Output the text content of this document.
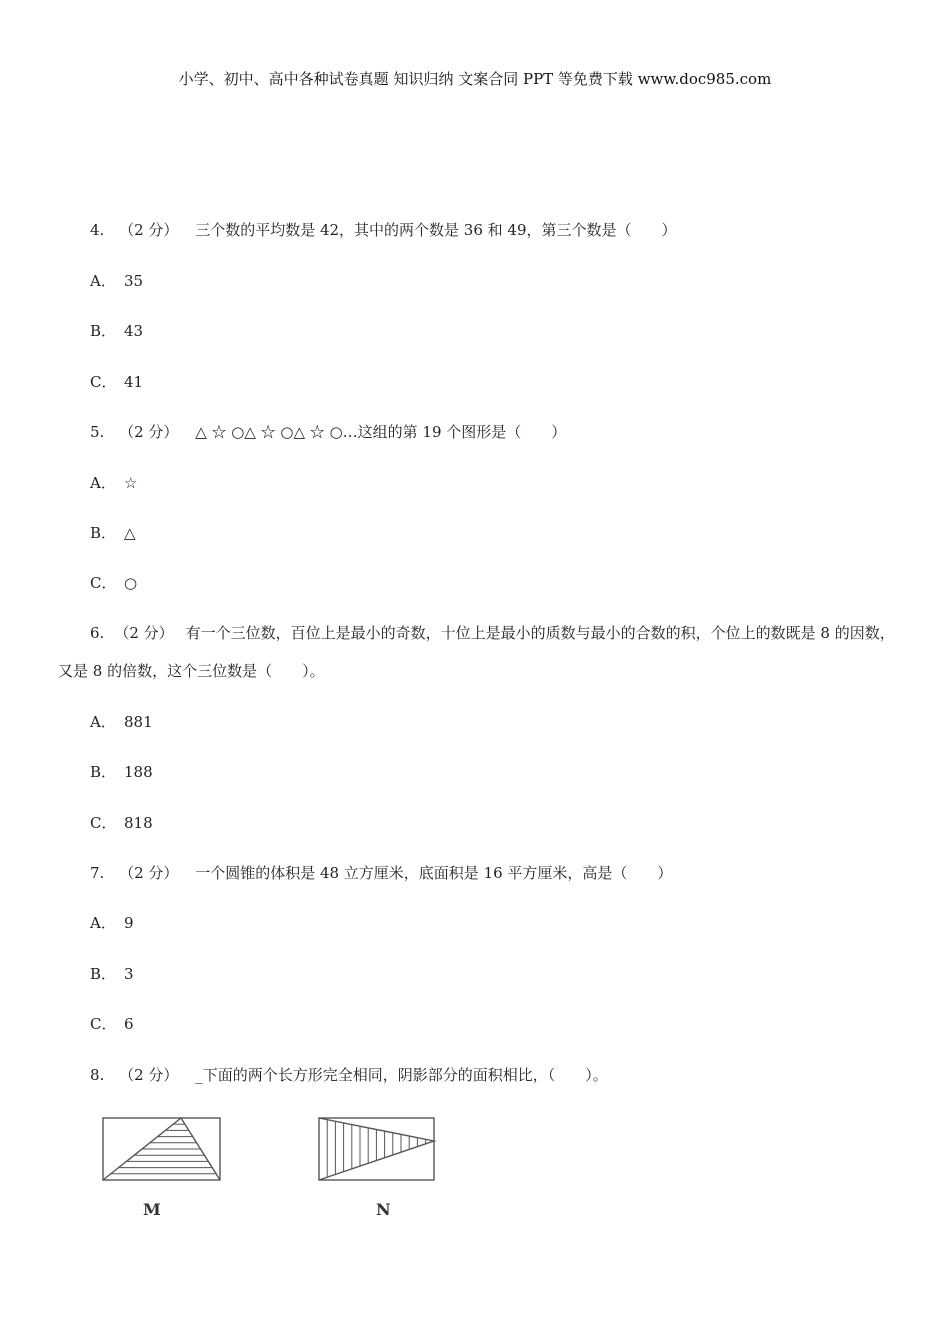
小学、初中、高中各种试卷真题 知识归纳 文案合同 PPT 等免费下载 www.doc985.com
4. （2 分） 三个数的平均数是 42，其中的两个数是 36 和 49，第三个数是（　　）
A． 35
B． 43
C． 41
5. （2 分） △ ☆ ○△ ☆ ○△ ☆ ○…这组的第 19 个图形是（　　）
A． ☆
B． △
C． ○
6. （2 分） 有一个三位数，百位上是最小的奇数，十位上是最小的质数与最小的合数的积，个位上的数既是 8 的因数，又是 8 的倍数，这个三位数是（　　）。
A． 881
B． 188
C． 818
7. （2 分） 一个圆锥的体积是 48 立方厘米，底面积是 16 平方厘米，高是（　　）
A． 9
B． 3
C． 6
8. （2 分） _下面的两个长方形完全相同，阴影部分的面积相比，（　　）。
M	N
